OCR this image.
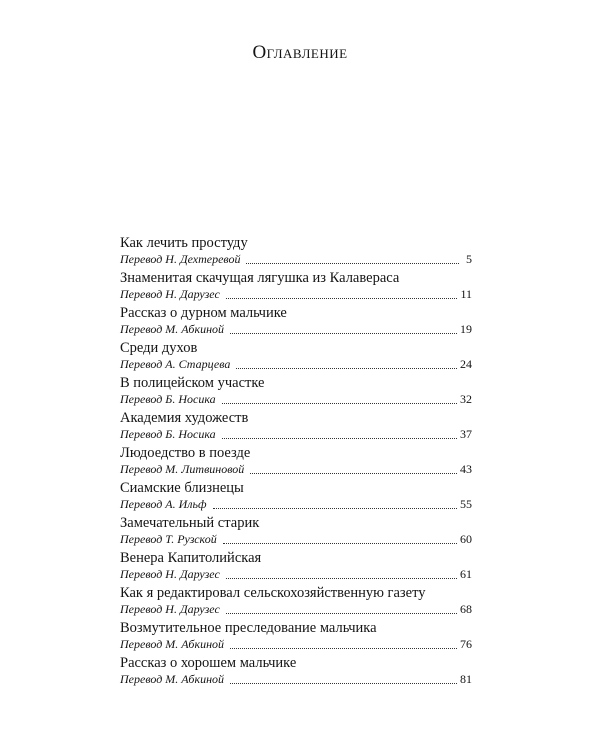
Оглавление
Как лечить простуду
Перевод Н. Дехтеревой	5
Знаменитая скачущая лягушка из Калавераса
Перевод Н. Дарузес	11
Рассказ о дурном мальчике
Перевод М. Абкиной	19
Среди духов
Перевод А. Старцева	24
В полицейском участке
Перевод Б. Носика	32
Академия художеств
Перевод Б. Носика	37
Людоедство в поезде
Перевод М. Литвиновой	43
Сиамские близнецы
Перевод А. Ильф	55
Замечательный старик
Перевод Т. Рузской	60
Венера Капитолийская
Перевод Н. Дарузес	61
Как я редактировал сельскохозяйственную газету
Перевод Н. Дарузес	68
Возмутительное преследование мальчика
Перевод М. Абкиной	76
Рассказ о хорошем мальчике
Перевод М. Абкиной	81
